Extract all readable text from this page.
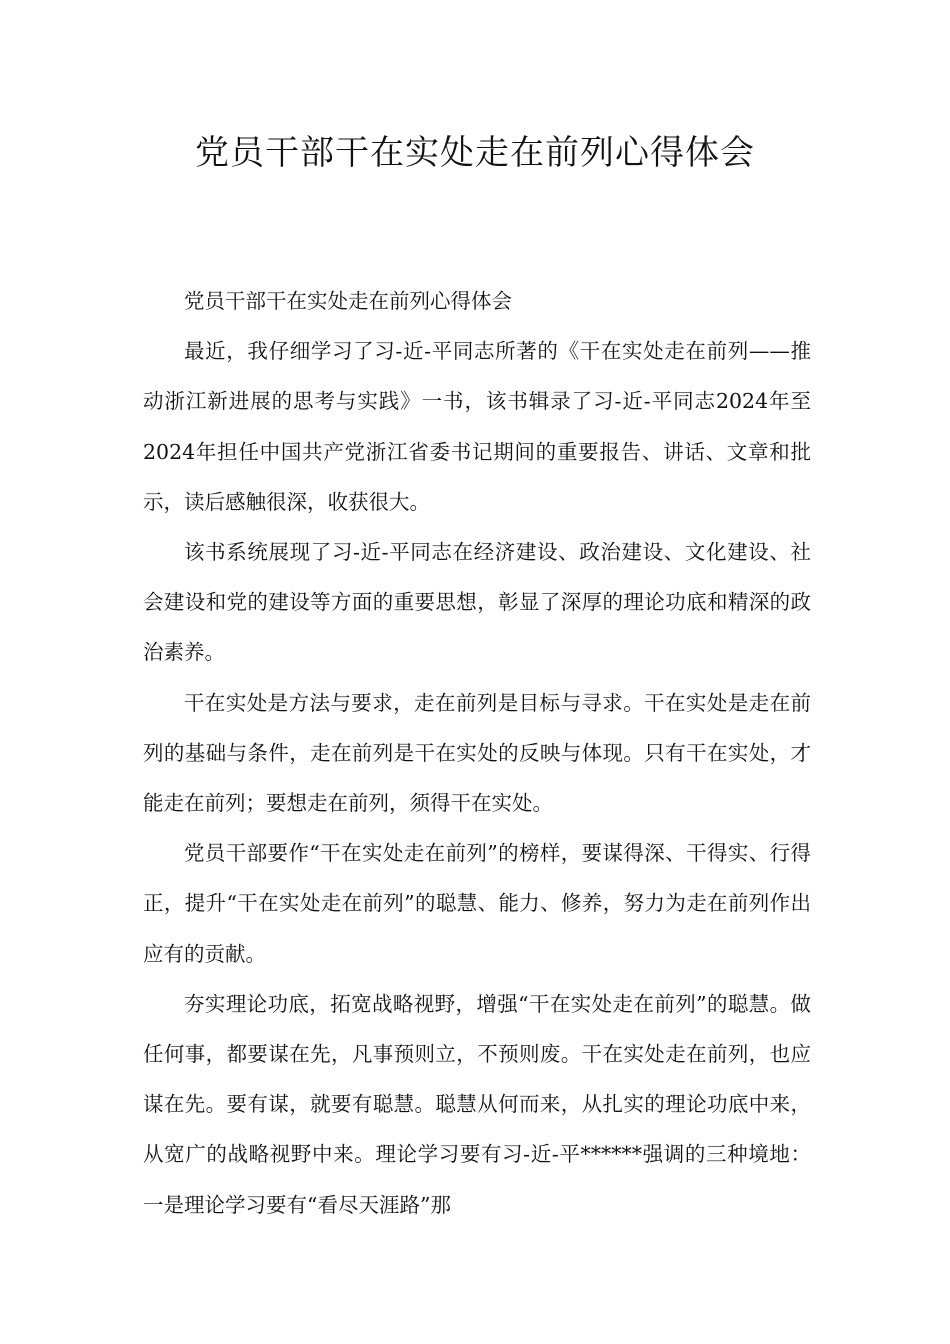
党员干部干在实处走在前列心得体会

党员干部干在实处走在前列心得体会

最近，我仔细学习了习-近-平同志所著的《干在实处走在前列——推动浙江新进展的思考与实践》一书，该书辑录了习-近-平同志2024年至2024年担任中国共产党浙江省委书记期间的重要报告、讲话、文章和批示，读后感触很深，收获很大。

该书系统展现了习-近-平同志在经济建设、政治建设、文化建设、社会建设和党的建设等方面的重要思想，彰显了深厚的理论功底和精深的政治素养。

干在实处是方法与要求，走在前列是目标与寻求。干在实处是走在前列的基础与条件，走在前列是干在实处的反映与体现。只有干在实处，才能走在前列；要想走在前列，须得干在实处。

党员干部要作“干在实处走在前列”的榜样，要谋得深、干得实、行得正，提升“干在实处走在前列”的聪慧、能力、修养，努力为走在前列作出应有的贡献。

夯实理论功底，拓宽战略视野，增强“干在实处走在前列”的聪慧。做任何事，都要谋在先，凡事预则立，不预则废。干在实处走在前列，也应谋在先。要有谋，就要有聪慧。聪慧从何而来，从扎实的理论功底中来，从宽广的战略视野中来。理论学习要有习-近-平******强调的三种境地：一是理论学习要有“看尽天涯路”那
